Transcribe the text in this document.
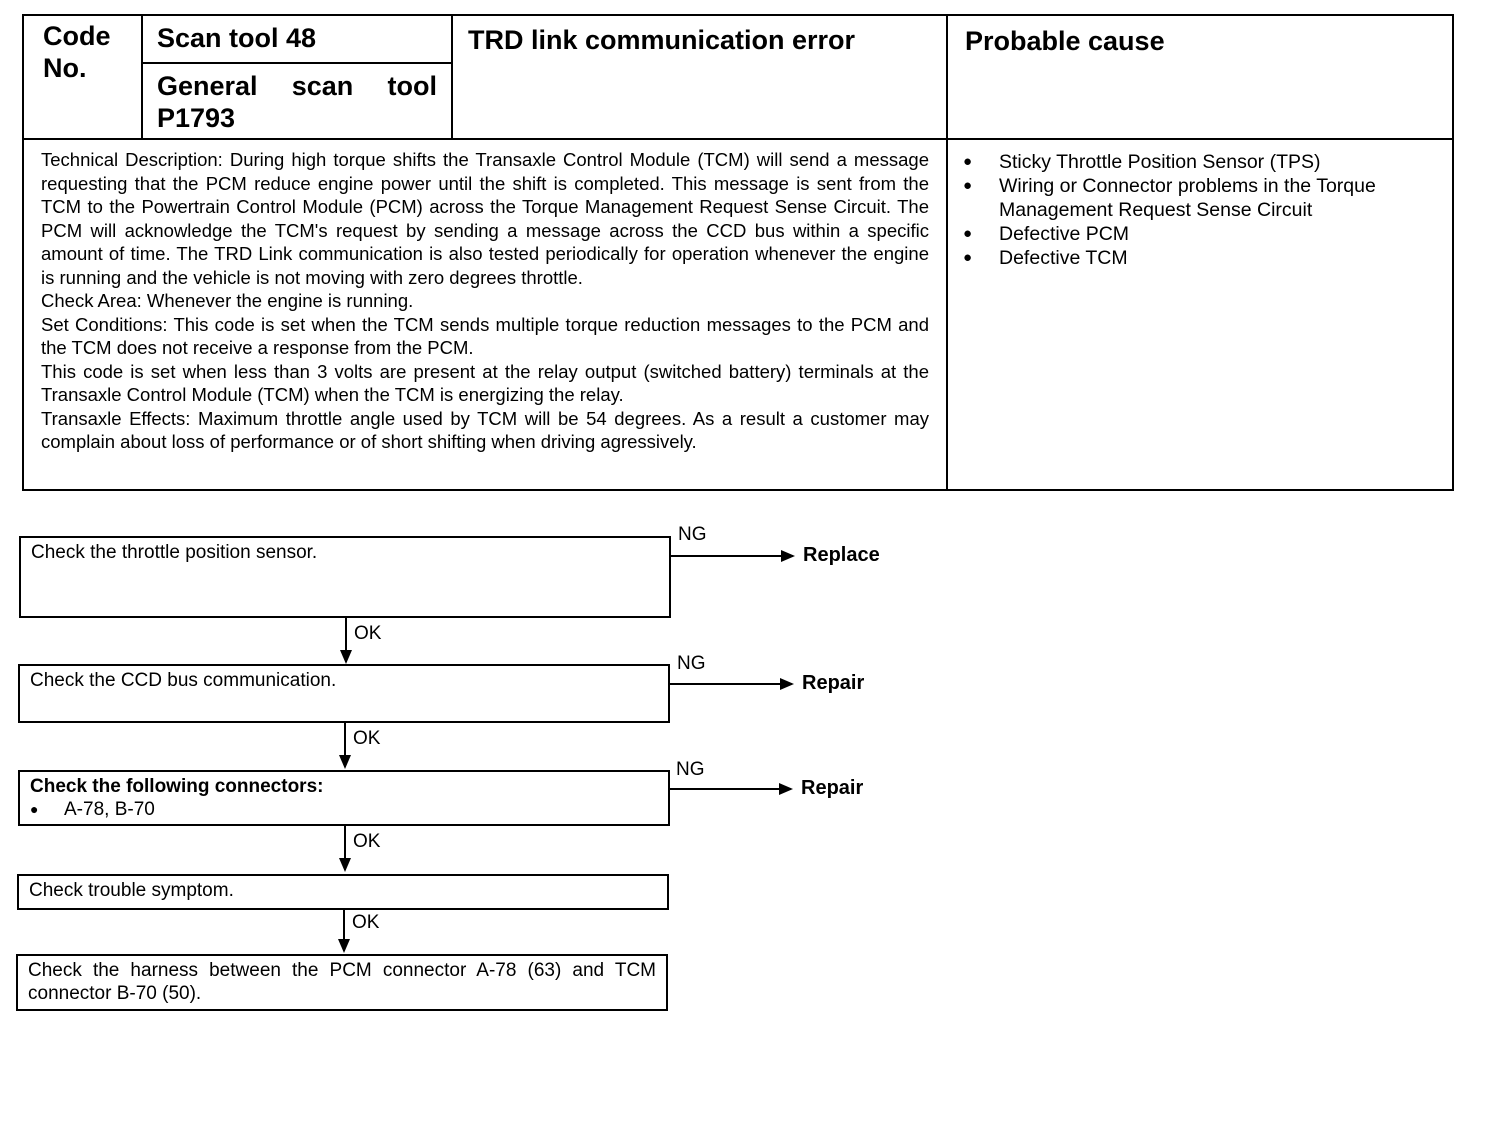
Code No.
Scan tool 48
General scan tool P1793
TRD link communication error	Probable cause

Technical Description: During high torque shifts the Transaxle Control Module (TCM) will send a message requesting that the PCM reduce engine power until the shift is completed. This message is sent from the TCM to the Powertrain Control Module (PCM) across the Torque Management Request Sense Circuit. The PCM will acknowledge the TCM's request by sending a message across the CCD bus within a specific amount of time. The TRD Link communication is also tested periodically for operation whenever the engine is running and the vehicle is not moving with zero degrees throttle.

Check Area: Whenever the engine is running.

Set Conditions: This code is set when the TCM sends multiple torque reduction messages to the PCM and the TCM does not receive a response from the PCM.

This code is set when less than 3 volts are present at the relay output (switched battery) terminals at the Transaxle Control Module (TCM) when the TCM is energizing the relay.

Transaxle Effects: Maximum throttle angle used by TCM will be 54 degrees. As a result a customer may complain about loss of performance or of short shifting when driving agressively.

● Sticky Throttle Position Sensor (TPS)
● Wiring or Connector problems in the Torque Management Request Sense Circuit
● Defective PCM
● Defective TCM
Check the throttle position sensor.
NG
Replace
OK
Check the CCD bus communication.
NG
Repair
OK
Check the following connectors:
● A-78, B-70
NG
Repair
OK
Check trouble symptom.
OK
Check the harness between the PCM connector A-78 (63) and TCM connector B-70 (50).
